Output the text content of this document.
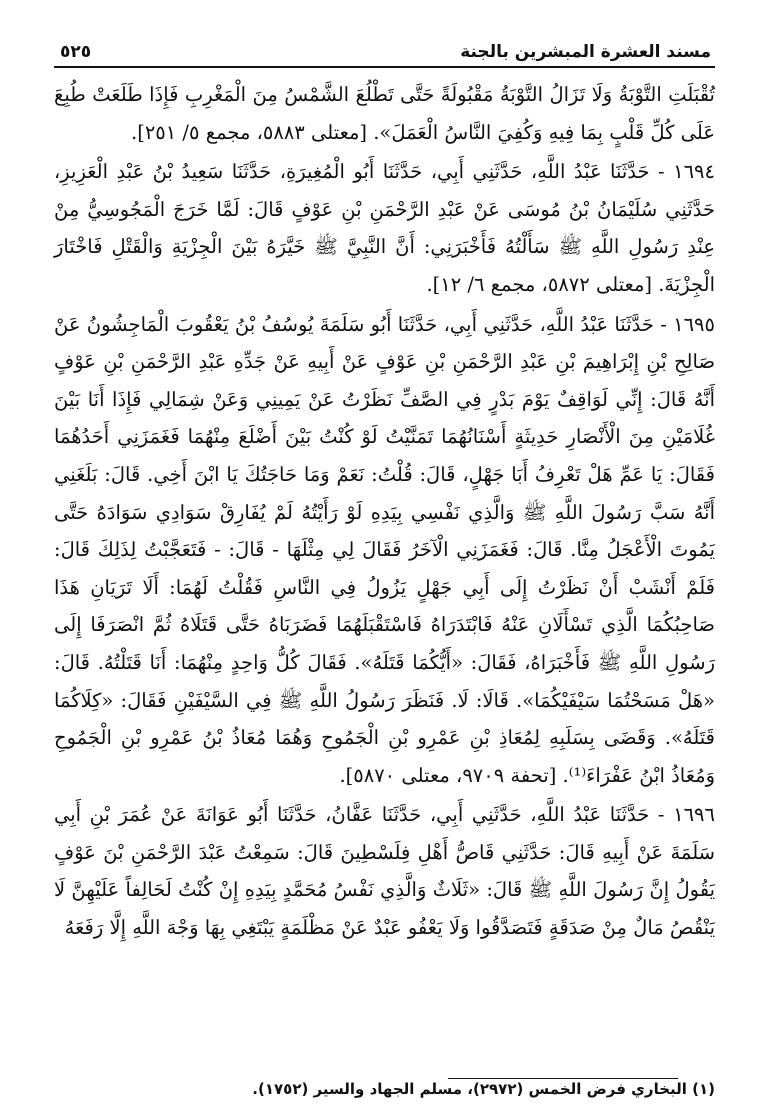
مسند العشرة المبشرين بالجنة
٥٢٥

تُقْبَلَتِ التَّوْبَةُ وَلَا تَزَالُ التَّوْبَةُ مَقْبُولَةً حَتَّى تَطْلُعَ الشَّمْسُ مِنَ الْمَغْرِبِ فَإِذَا طَلَعَتْ طُبِعَ عَلَى كُلِّ قَلْبٍ بِمَا فِيهِ وَكُفِيَ النَّاسُ الْعَمَلَ». [معتلى ٥٨٨٣، مجمع ٥/ ٢٥١].

١٦٩٤ - حَدَّثَنَا عَبْدُ اللَّهِ، حَدَّثَنِي أَبِي، حَدَّثَنَا أَبُو الْمُغِيرَةِ، حَدَّثَنَا سَعِيدُ بْنُ عَبْدِ الْعَزِيزِ، حَدَّثَنِي سُلَيْمَانُ بْنُ مُوسَى عَنْ عَبْدِ الرَّحْمَنِ بْنِ عَوْفٍ قَالَ: لَمَّا خَرَجَ الْمَجُوسِيُّ مِنْ عِنْدِ رَسُولِ اللَّهِ ﷺ سَأَلْتُهُ فَأَخْبَرَنِي: أَنَّ النَّبِيَّ ﷺ خَيَّرَهُ بَيْنَ الْجِزْيَةِ وَالْقَتْلِ فَاخْتَارَ الْجِزْيَةَ. [معتلى ٥٨٧٢، مجمع ٦/ ١٢].

١٦٩٥ - حَدَّثَنَا عَبْدُ اللَّهِ، حَدَّثَنِي أَبِي، حَدَّثَنَا أَبُو سَلَمَةَ يُوسُفُ بْنُ يَعْقُوبَ الْمَاجِشُونُ عَنْ صَالِحِ بْنِ إِبْرَاهِيمَ بْنِ عَبْدِ الرَّحْمَنِ بْنِ عَوْفٍ عَنْ أَبِيهِ عَنْ جَدِّهِ عَبْدِ الرَّحْمَنِ بْنِ عَوْفٍ أَنَّهُ قَالَ: إِنِّي لَوَاقِفٌ يَوْمَ بَدْرٍ فِي الصَّفِّ نَظَرْتُ عَنْ يَمِينِي وَعَنْ شِمَالِي فَإِذَا أَنَا بَيْنَ غُلَامَيْنِ مِنَ الْأَنْصَارِ حَدِيثَةٍ أَسْنَانُهُمَا تَمَنَّيْتُ لَوْ كُنْتُ بَيْنَ أَضْلَعَ مِنْهُمَا فَغَمَزَنِي أَحَدُهُمَا فَقَالَ: يَا عَمِّ هَلْ تَعْرِفُ أَبَا جَهْلٍ، قَالَ: قُلْتُ: نَعَمْ وَمَا حَاجَتُكَ يَا ابْنَ أَخِي. قَالَ: بَلَغَنِي أَنَّهُ سَبَّ رَسُولَ اللَّهِ ﷺ وَالَّذِي نَفْسِي بِيَدِهِ لَوْ رَأَيْتُهُ لَمْ يُفَارِقْ سَوَادِي سَوَادَهُ حَتَّى يَمُوتَ الْأَعْجَلُ مِنَّا. قَالَ: فَغَمَزَنِي الْآخَرُ فَقَالَ لِي مِثْلَهَا - قَالَ: - فَتَعَجَّبْتُ لِذَلِكَ قَالَ: فَلَمْ أَنْشَبْ أَنْ نَظَرْتُ إِلَى أَبِي جَهْلٍ يَزُولُ فِي النَّاسِ فَقُلْتُ لَهُمَا: أَلَا تَرَيَانِ هَذَا صَاحِبُكُمَا الَّذِي تَسْأَلَانِ عَنْهُ فَابْتَدَرَاهُ فَاسْتَقْبَلَهُمَا فَضَرَبَاهُ حَتَّى قَتَلَاهُ ثُمَّ انْصَرَفَا إِلَى رَسُولِ اللَّهِ ﷺ فَأَخْبَرَاهُ، فَقَالَ: «أَيُّكُمَا قَتَلَهُ». فَقَالَ كُلُّ وَاحِدٍ مِنْهُمَا: أَنَا قَتَلْتُهُ. قَالَ: «هَلْ مَسَحْتُمَا سَيْفَيْكُمَا». قَالَا: لَا. فَنَظَرَ رَسُولُ اللَّهِ ﷺ فِي السَّيْفَيْنِ فَقَالَ: «كِلَاكُمَا قَتَلَهُ». وَقَضَى بِسَلَبِهِ لِمُعَاذِ بْنِ عَمْرِو بْنِ الْجَمُوحِ وَهُمَا مُعَاذُ بْنُ عَمْرِو بْنِ الْجَمُوحِ وَمُعَاذُ ابْنُ عَفْرَاءَ⁽¹⁾. [تحفة ٩٧٠٩، معتلى ٥٨٧٠].

١٦٩٦ - حَدَّثَنَا عَبْدُ اللَّهِ، حَدَّثَنِي أَبِي، حَدَّثَنَا عَفَّانُ، حَدَّثَنَا أَبُو عَوَانَةَ عَنْ عُمَرَ بْنِ أَبِي سَلَمَةَ عَنْ أَبِيهِ قَالَ: حَدَّثَنِي قَاصُّ أَهْلِ فِلَسْطِينَ قَالَ: سَمِعْتُ عَبْدَ الرَّحْمَنِ بْنَ عَوْفٍ يَقُولُ إِنَّ رَسُولَ اللَّهِ ﷺ قَالَ: «ثَلَاثٌ وَالَّذِي نَفْسُ مُحَمَّدٍ بِيَدِهِ إِنْ كُنْتُ لَحَالِفاً عَلَيْهِنَّ لَا يَنْقُصُ مَالٌ مِنْ صَدَقَةٍ فَتَصَدَّقُوا وَلَا يَعْفُو عَبْدٌ عَنْ مَظْلَمَةٍ يَبْتَغِي بِهَا وَجْهَ اللَّهِ إِلَّا رَفَعَهُ

(١) البخاري فرض الخمس (٢٩٧٢)، مسلم الجهاد والسير (١٧٥٢).
